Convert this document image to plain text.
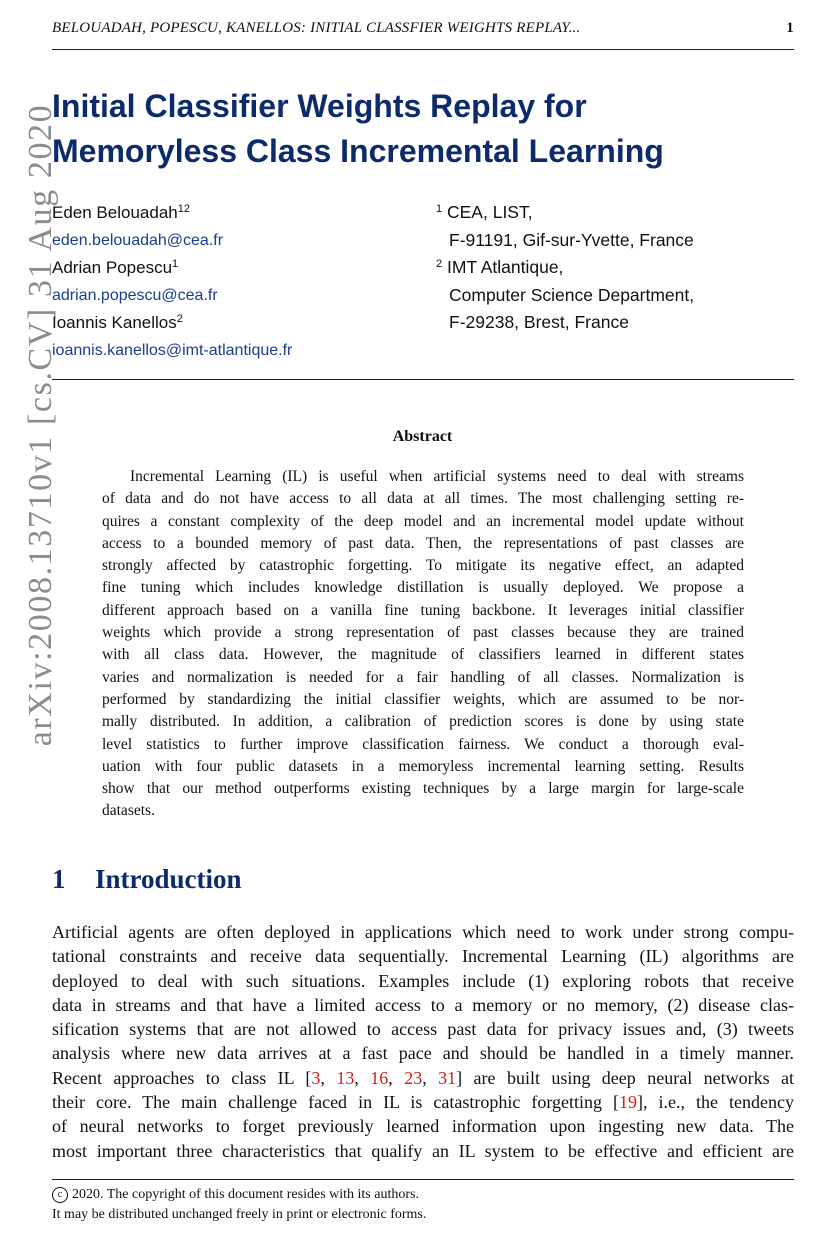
BELOUADAH, POPESCU, KANELLOS: INITIAL CLASSFIER WEIGHTS REPLAY...	1
arXiv:2008.13710v1 [cs.CV] 31 Aug 2020
Initial Classifier Weights Replay for
Memoryless Class Incremental Learning
Eden Belouadah$^{12}$
eden.belouadah@cea.fr
Adrian Popescu$^1$
adrian.popescu@cea.fr
Ioannis Kanellos$^2$
ioannis.kanellos@imt-atlantique.fr
$^1$ CEA, LIST,
F-91191, Gif-sur-Yvette, France
$^2$ IMT Atlantique,
Computer Science Department,
F-29238, Brest, France
Abstract
Incremental Learning (IL) is useful when artificial systems need to deal with streams
of data and do not have access to all data at all times. The most challenging setting re-
quires a constant complexity of the deep model and an incremental model update without
access to a bounded memory of past data. Then, the representations of past classes are
strongly affected by catastrophic forgetting. To mitigate its negative effect, an adapted
fine tuning which includes knowledge distillation is usually deployed. We propose a
different approach based on a vanilla fine tuning backbone. It leverages initial classifier
weights which provide a strong representation of past classes because they are trained
with all class data. However, the magnitude of classifiers learned in different states
varies and normalization is needed for a fair handling of all classes. Normalization is
performed by standardizing the initial classifier weights, which are assumed to be nor-
mally distributed. In addition, a calibration of prediction scores is done by using state
level statistics to further improve classification fairness. We conduct a thorough eval-
uation with four public datasets in a memoryless incremental learning setting. Results
show that our method outperforms existing techniques by a large margin for large-scale
datasets.
1 Introduction
Artificial agents are often deployed in applications which need to work under strong compu-
tational constraints and receive data sequentially. Incremental Learning (IL) algorithms are
deployed to deal with such situations. Examples include (1) exploring robots that receive
data in streams and that have a limited access to a memory or no memory, (2) disease clas-
sification systems that are not allowed to access past data for privacy issues and, (3) tweets
analysis where new data arrives at a fast pace and should be handled in a timely manner.
Recent approaches to class IL [3, 13, 16, 23, 31] are built using deep neural networks at
their core. The main challenge faced in IL is catastrophic forgetting [19], i.e., the tendency
of neural networks to forget previously learned information upon ingesting new data. The
most important three characteristics that qualify an IL system to be effective and efficient are
c 2020. The copyright of this document resides with its authors.
It may be distributed unchanged freely in print or electronic forms.
